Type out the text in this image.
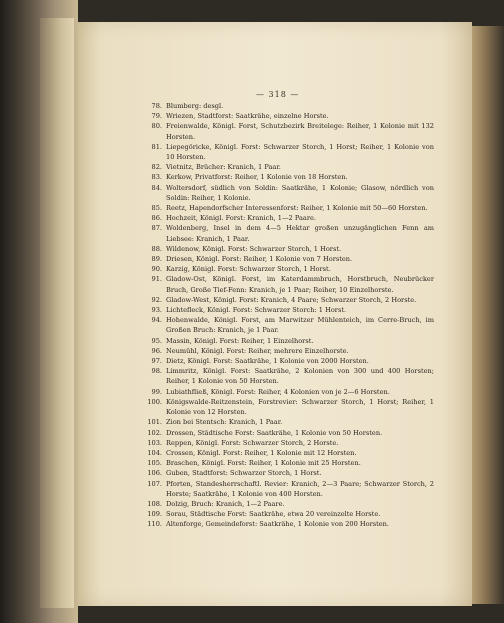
— 318 —
78. Blumberg: desgl.
79. Wriezen, Stadtforst: Saatkrähe, einzelne Horste.
80. Freienwalde, Königl. Forst, Schutzbezirk Breitelege: Reiher, 1 Kolonie mit 132 Horsten.
81. Liepegöricke, Königl. Forst: Schwarzer Storch, 1 Horst; Reiher, 1 Kolonie von 10 Horsten.
82. Vietnitz, Brücher: Kranich, 1 Paar.
83. Kerkow, Privatforst: Reiher, 1 Kolonie von 18 Horsten.
84. Woltersdorf, südlich von Soldin: Saatkrähe, 1 Kolonie; Glasow, nördlich von Soldin: Reiher, 1 Kolonie.
85. Reetz, Hapendorfscher Interessenforst: Reiher, 1 Kolonie mit 50—60 Horsten.
86. Hochzeit, Königl. Forst: Kranich, 1—2 Paare.
87. Woldenberg, Insel in dem 4—5 Hektar großen unzugänglichen Fenn am Liebsee: Kranich, 1 Paar.
88. Wildenow, Königl. Forst: Schwarzer Storch, 1 Horst.
89. Driesen, Königl. Forst: Reiher, 1 Kolonie von 7 Horsten.
90. Karzig, Königl. Forst: Schwarzer Storch, 1 Horst.
91. Gladow-Ost, Königl. Forst, im Katerdammbruch, Horstbruch, Neubrücker Bruch, Große Tief-Fenn: Kranich, je 1 Paar; Reiher, 10 Einzelhorste.
92. Gladow-West, Königl. Forst: Kranich, 4 Paare; Schwarzer Storch, 2 Horste.
93. Lichtefleck, Königl. Forst: Schwarzer Storch: 1 Horst.
94. Hohenwalde, Königl. Forst, am Marwitzer Mühlenteich, im Cerre-Bruch, im Großen Bruch: Kranich, je 1 Paar.
95. Massin, Königl. Forst: Reiher, 1 Einzelhorst.
96. Neumühl, Königl. Forst: Reiher, mehrere Einzelhorste.
97. Dietz, Königl. Forst: Saatkrähe, 1 Kolonie von 2000 Horsten.
98. Limmritz, Königl. Forst: Saatkrähe, 2 Kolonien von 300 und 400 Horsten; Reiher, 1 Kolonie von 50 Horsten.
99. Lubiathfließ, Königl. Forst: Reiher, 4 Kolonien von je 2—6 Horsten.
100. Königswalde-Reitzenstein, Forstrevier: Schwarzer Storch, 1 Horst; Reiher, 1 Kolonie von 12 Horsten.
101. Zion bei Stentsch: Kranich, 1 Paar.
102. Drossen, Städtische Forst: Saatkrähe, 1 Kolonie von 50 Horsten.
103. Reppen, Königl. Forst: Schwarzer Storch, 2 Horste.
104. Crossen, Königl. Forst: Reiher, 1 Kolonie mit 12 Horsten.
105. Braschen, Königl. Forst: Reiher, 1 Kolonie mit 25 Horsten.
106. Guben, Stadtforst: Schwarzer Storch, 1 Horst.
107. Pforten, Standesherrschaftl. Revier: Kranich, 2—3 Paare; Schwarzer Storch, 2 Horste; Saatkrähe, 1 Kolonie von 400 Horsten.
108. Dolzig, Bruch: Kranich, 1—2 Paare.
109. Sorau, Städtische Forst: Saatkrähe, etwa 20 vereinzelte Horste.
110. Altenforge, Gemeindeforst: Saatkrähe, 1 Kolonie von 200 Horsten.
